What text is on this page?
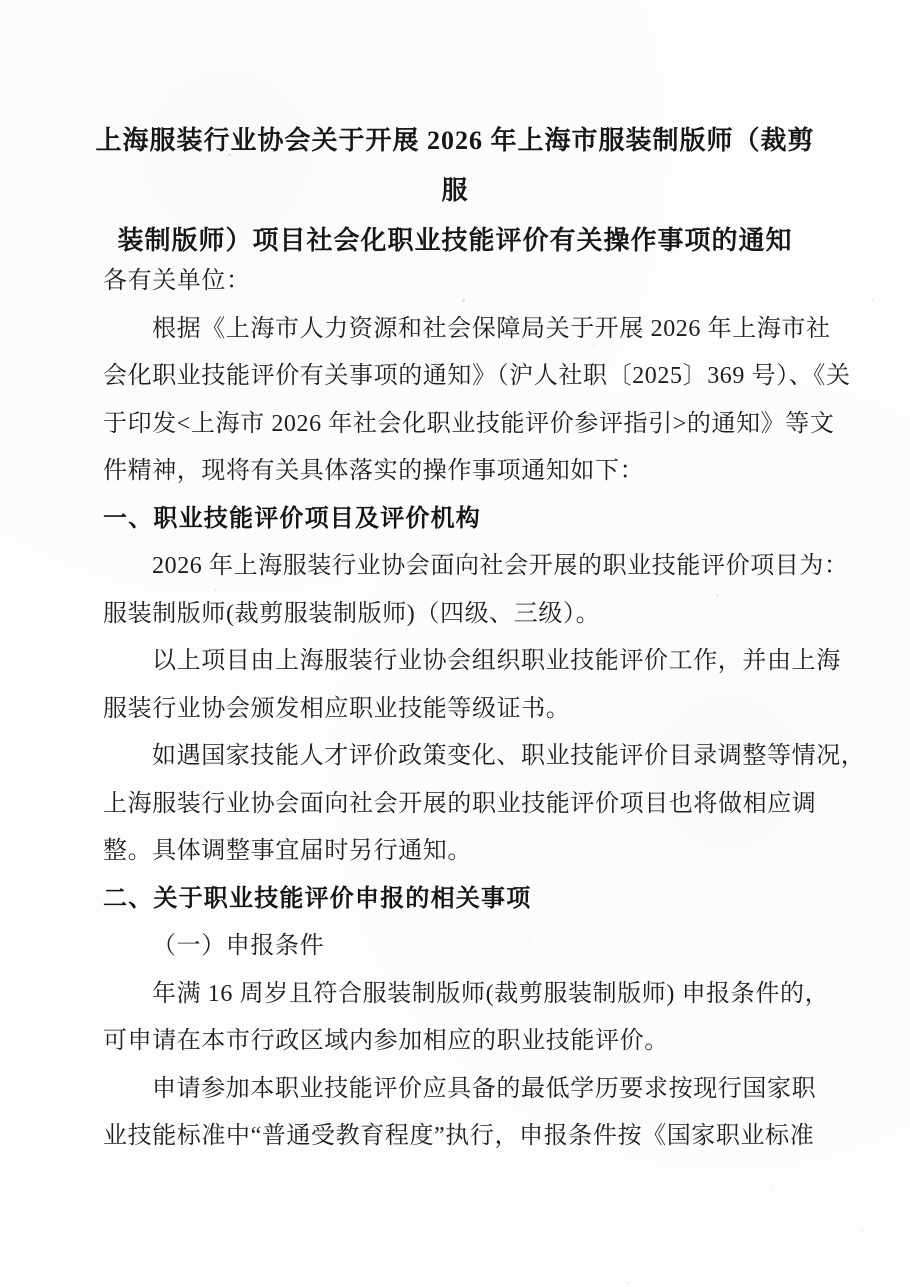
上海服装行业协会关于开展 2026 年上海市服装制版师（裁剪服
装制版师）项目社会化职业技能评价有关操作事项的通知
各有关单位：
根据《上海市人力资源和社会保障局关于开展 2026 年上海市社
会化职业技能评价有关事项的通知》（沪人社职〔2025〕369 号）、《关
于印发<上海市 2026 年社会化职业技能评价参评指引>的通知》等文
件精神，现将有关具体落实的操作事项通知如下：
一、职业技能评价项目及评价机构
2026 年上海服装行业协会面向社会开展的职业技能评价项目为：
服装制版师(裁剪服装制版师)（四级、三级）。
以上项目由上海服装行业协会组织职业技能评价工作，并由上海
服装行业协会颁发相应职业技能等级证书。
如遇国家技能人才评价政策变化、职业技能评价目录调整等情况，
上海服装行业协会面向社会开展的职业技能评价项目也将做相应调
整。具体调整事宜届时另行通知。
二、关于职业技能评价申报的相关事项
（一）申报条件
年满 16 周岁且符合服装制版师(裁剪服装制版师) 申报条件的，
可申请在本市行政区域内参加相应的职业技能评价。
申请参加本职业技能评价应具备的最低学历要求按现行国家职
业技能标准中“普通受教育程度”执行，申报条件按《国家职业标准
